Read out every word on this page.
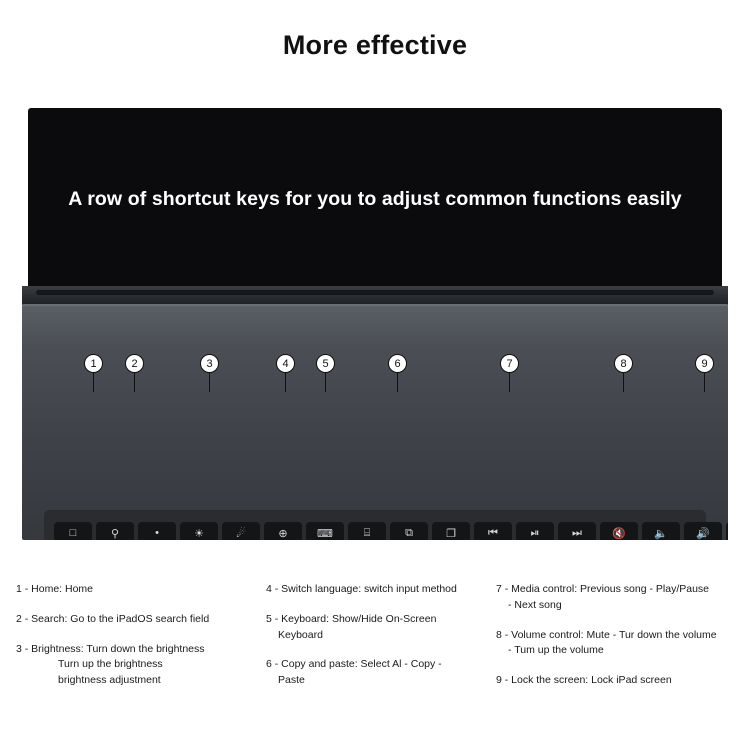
More effective
A row of shortcut keys for you to adjust common functions easily
□	⚲	•	☀	☄	⊕	⌨	⌸	⧉	❐	⏮	⏯	⏭	🔇	🔈	🔊
1	2	3	4	5	6	7	8	9
1 - Home: Home
2 - Search: Go to the iPadOS search field
3 - Brightness: Turn down the brightness
Turn up the brightness
brightness adjustment
4 - Switch language: switch input method
5 - Keyboard: Show/Hide On-Screen
Keyboard
6 - Copy and paste: Select Al - Copy -
Paste
7 - Media control: Previous song - Play/Pause
- Next song
8 - Volume control: Mute - Tur down the volume
- Tum up the volume
9 - Lock the screen: Lock iPad screen
